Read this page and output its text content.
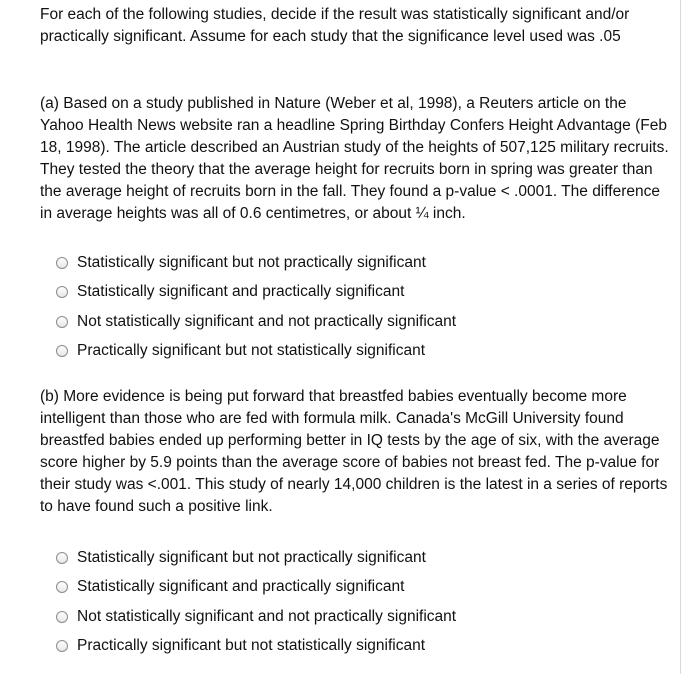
For each of the following studies, decide if the result was statistically significant and/or practically significant. Assume for each study that the significance level used was .05
(a) Based on a study published in Nature (Weber et al, 1998), a Reuters article on the Yahoo Health News website ran a headline Spring Birthday Confers Height Advantage (Feb 18, 1998). The article described an Austrian study of the heights of 507,125 military recruits. They tested the theory that the average height for recruits born in spring was greater than the average height of recruits born in the fall. They found a p-value < .0001. The difference in average heights was all of 0.6 centimetres, or about ¼ inch.
Statistically significant but not practically significant
Statistically significant and practically significant
Not statistically significant and not practically significant
Practically significant but not statistically significant
(b) More evidence is being put forward that breastfed babies eventually become more intelligent than those who are fed with formula milk. Canada's McGill University found breastfed babies ended up performing better in IQ tests by the age of six, with the average score higher by 5.9 points than the average score of babies not breast fed. The p-value for their study was <.001. This study of nearly 14,000 children is the latest in a series of reports to have found such a positive link.
Statistically significant but not practically significant
Statistically significant and practically significant
Not statistically significant and not practically significant
Practically significant but not statistically significant
